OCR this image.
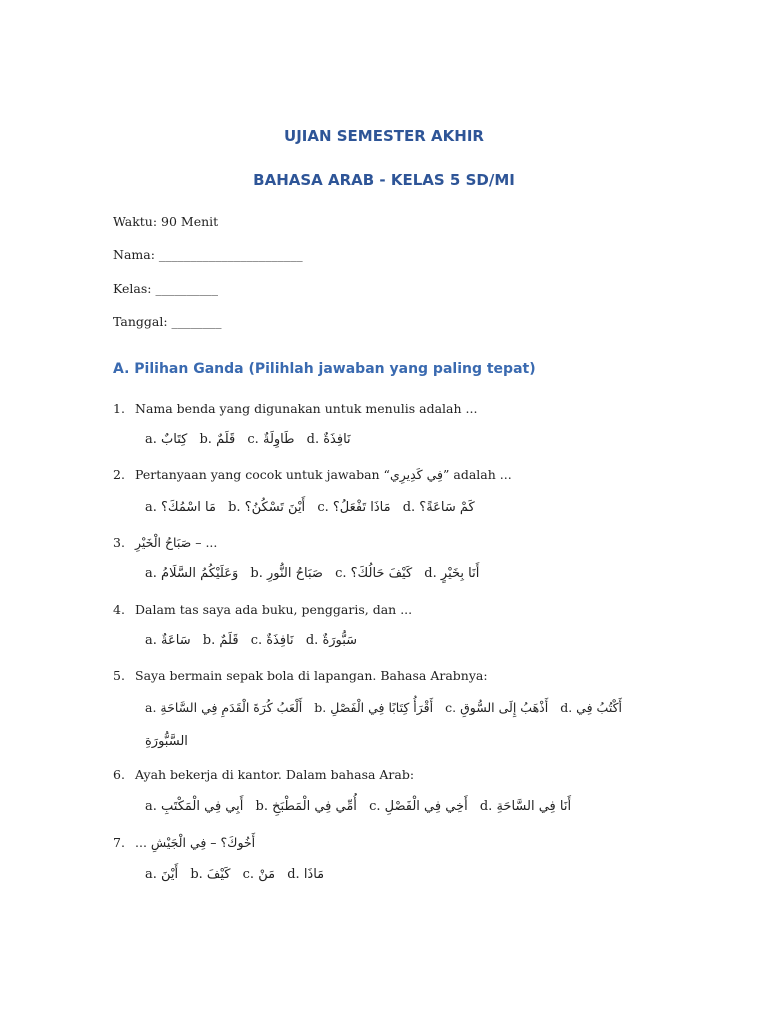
UJIAN SEMESTER AKHIR
BAHASA ARAB - KELAS 5 SD/MI
Waktu: 90 Menit
Nama: _______________________
Kelas: __________
Tanggal: ________
A. Pilihan Ganda (Pilihlah jawaban yang paling tepat)
1. Nama benda yang digunakan untuk menulis adalah ...
a. كِتَابٌ b. قَلَمٌ c. طَاوِلَةٌ d. نَافِذَةٌ
2. Pertanyaan yang cocok untuk jawaban “فِي كَدِيرِي” adalah ...
a. مَا اسْمُكَ؟ b. أَيْنَ تَسْكُنُ؟ c. مَاذَا تَفْعَلُ؟ d. كَمْ سَاعَةً؟
3. صَبَاحُ الْخَيْرِ – ...
a. وَعَلَيْكُمُ السَّلَامُ b. صَبَاحُ النُّورِ c. كَيْفَ حَالُكَ؟ d. أَنَا بِخَيْرٍ
4. Dalam tas saya ada buku, penggaris, dan ...
a. سَاعَةٌ b. قَلَمٌ c. نَافِذَةٌ d. سَبُّورَةٌ
5. Saya bermain sepak bola di lapangan. Bahasa Arabnya:
a. أَلْعَبُ كُرَةَ الْقَدَمِ فِي السَّاحَةِ b. أَقْرَأُ كِتَابًا فِي الْفَصْلِ c. أَذْهَبُ إِلَى السُّوقِ d. أَكْتُبُ فِي
السَّبُّورَةِ
6. Ayah bekerja di kantor. Dalam bahasa Arab:
a. أَبِي فِي الْمَكْتَبِ b. أُمِّي فِي الْمَطْبَخِ c. أَخِي فِي الْفَصْلِ d. أَنَا فِي السَّاحَةِ
7. ... أَخُوكَ؟ – فِي الْجَيْشِ
a. أَيْنَ b. كَيْفَ c. مَنْ d. مَاذَا
